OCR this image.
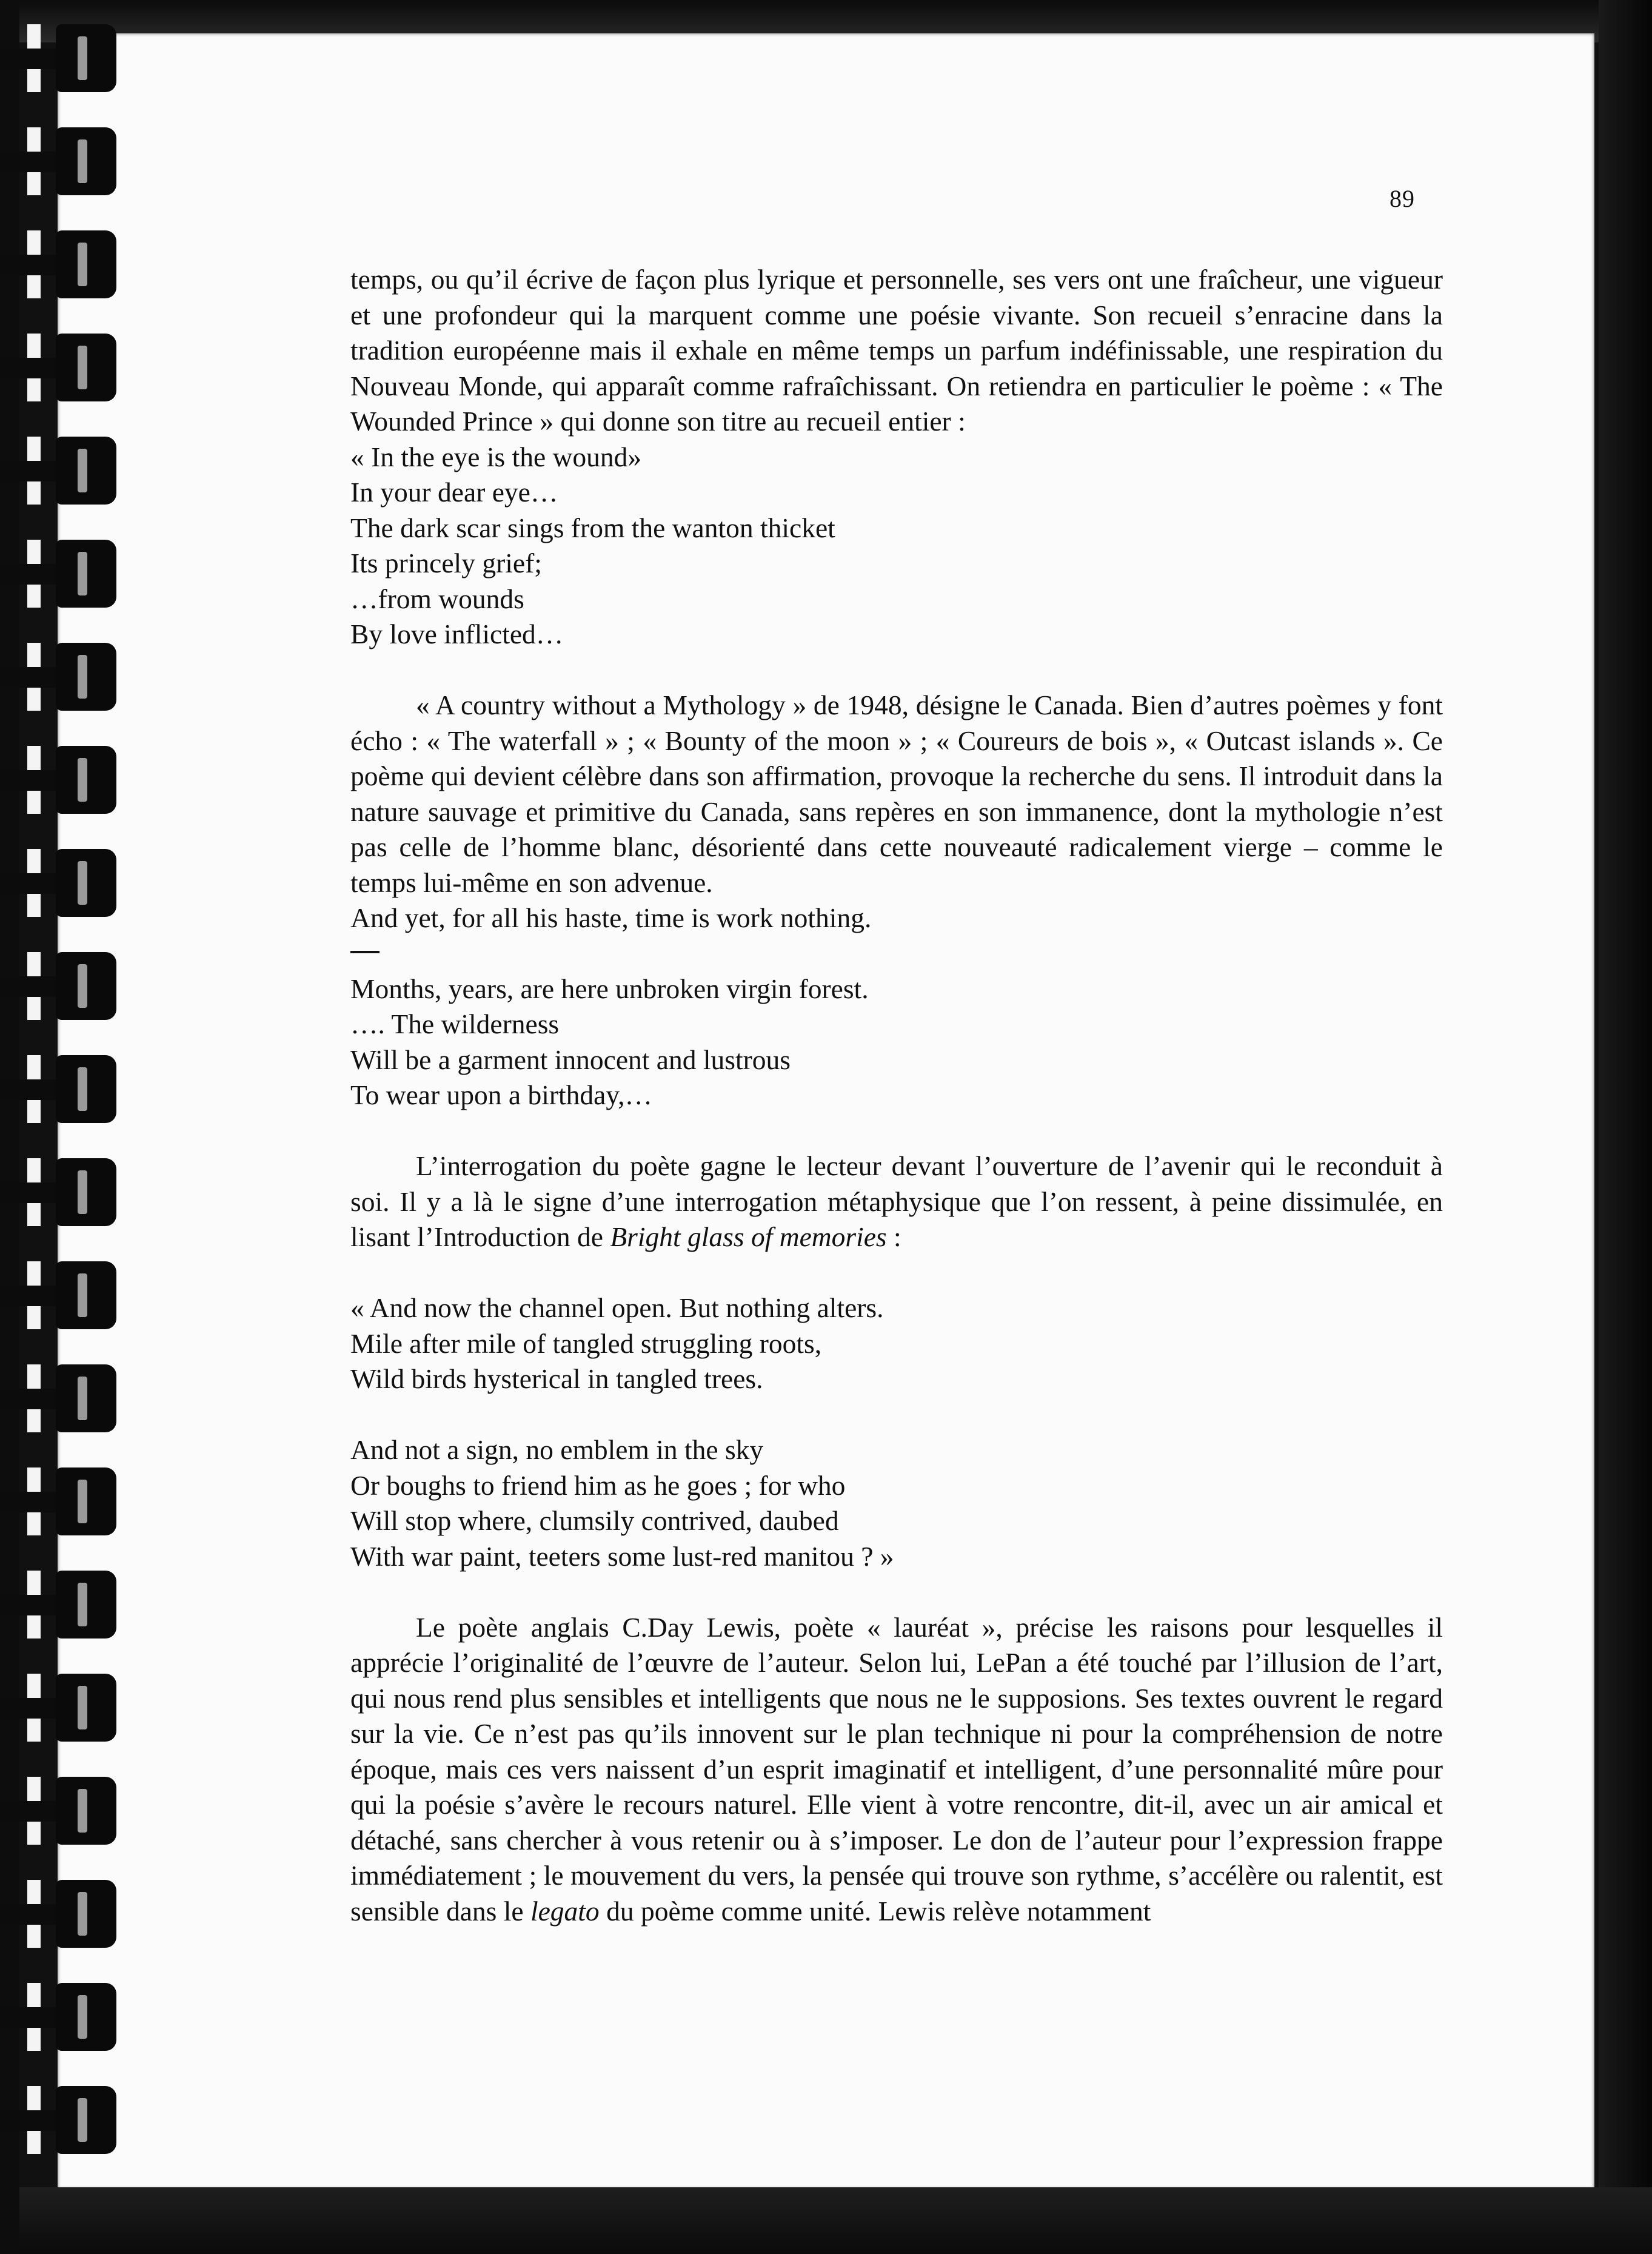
89

temps, ou qu’il écrive de façon plus lyrique et personnelle, ses vers ont une fraîcheur, une vigueur et une profondeur qui la marquent comme une poésie vivante. Son recueil s’enracine dans la tradition européenne mais il exhale en même temps un parfum indéfinissable, une respiration du Nouveau Monde, qui apparaît comme rafraîchissant. On retiendra en particulier le poème : « The Wounded Prince » qui donne son titre au recueil entier :

« In the eye is the wound»
In your dear eye…
The dark scar sings from the wanton thicket
Its princely grief;
…from wounds
By love inflicted…

« A country without a Mythology » de 1948, désigne le Canada. Bien d’autres poèmes y font écho : « The waterfall » ; « Bounty of the moon » ; « Coureurs de bois », « Outcast islands ». Ce poème qui devient célèbre dans son affirmation, provoque la recherche du sens. Il introduit dans la nature sauvage et primitive du Canada, sans repères en son immanence, dont la mythologie n’est pas celle de l’homme blanc, désorienté dans cette nouveauté radicalement vierge – comme le temps lui-même en son advenue.

And yet, for all his haste, time is work nothing.
Months, years, are here unbroken virgin forest.
…. The wilderness
Will be a garment innocent and lustrous
To wear upon a birthday,…

L’interrogation du poète gagne le lecteur devant l’ouverture de l’avenir qui le reconduit à soi. Il y a là le signe d’une interrogation métaphysique que l’on ressent, à peine dissimulée, en lisant l’Introduction de Bright glass of memories :

« And now the channel open. But nothing alters.
Mile after mile of tangled struggling roots,
Wild birds hysterical in tangled trees.
And not a sign, no emblem in the sky
Or boughs to friend him as he goes ; for who
Will stop where, clumsily contrived, daubed
With war paint, teeters some lust-red manitou ? »

Le poète anglais C.Day Lewis, poète « lauréat », précise les raisons pour lesquelles il apprécie l’originalité de l’œuvre de l’auteur. Selon lui, LePan a été touché par l’illusion de l’art, qui nous rend plus sensibles et intelligents que nous ne le supposions. Ses textes ouvrent le regard sur la vie. Ce n’est pas qu’ils innovent sur le plan technique ni pour la compréhension de notre époque, mais ces vers naissent d’un esprit imaginatif et intelligent, d’une personnalité mûre pour qui la poésie s’avère le recours naturel. Elle vient à votre rencontre, dit-il, avec un air amical et détaché, sans chercher à vous retenir ou à s’imposer. Le don de l’auteur pour l’expression frappe immédiatement ; le mouvement du vers, la pensée qui trouve son rythme, s’accélère ou ralentit, est sensible dans le legato du poème comme unité. Lewis relève notamment
